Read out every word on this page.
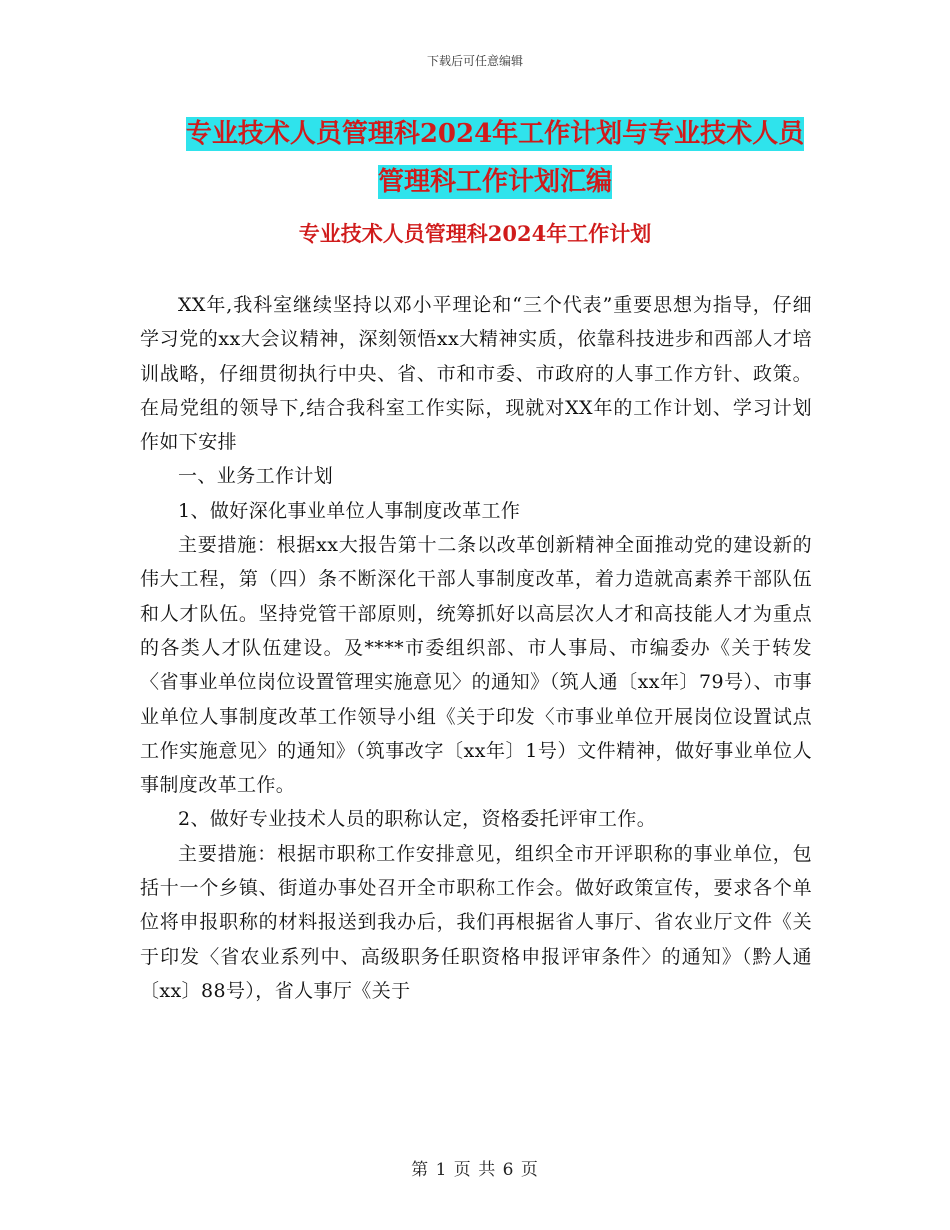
下载后可任意编辑
专业技术人员管理科2024年工作计划与专业技术人员
管理科工作计划汇编
专业技术人员管理科2024年工作计划

XX年,我科室继续坚持以邓小平理论和“三个代表”重要思想为指导，仔细学习党的xx大会议精神，深刻领悟xx大精神实质，依靠科技进步和西部人才培训战略，仔细贯彻执行中央、省、市和市委、市政府的人事工作方针、政策。在局党组的领导下,结合我科室工作实际，现就对XX年的工作计划、学习计划作如下安排

一、业务工作计划

1、做好深化事业单位人事制度改革工作

主要措施：根据xx大报告第十二条以改革创新精神全面推动党的建设新的伟大工程，第（四）条不断深化干部人事制度改革，着力造就高素养干部队伍和人才队伍。坚持党管干部原则，统筹抓好以高层次人才和高技能人才为重点的各类人才队伍建设。及****市委组织部、市人事局、市编委办《关于转发〈省事业单位岗位设置管理实施意见〉的通知》（筑人通〔xx年〕79号）、市事业单位人事制度改革工作领导小组《关于印发〈市事业单位开展岗位设置试点工作实施意见〉的通知》（筑事改字〔xx年〕1号）文件精神，做好事业单位人事制度改革工作。

2、做好专业技术人员的职称认定，资格委托评审工作。

主要措施：根据市职称工作安排意见，组织全市开评职称的事业单位，包括十一个乡镇、街道办事处召开全市职称工作会。做好政策宣传，要求各个单位将申报职称的材料报送到我办后，我们再根据省人事厅、省农业厅文件《关于印发〈省农业系列中、高级职务任职资格申报评审条件〉的通知》（黔人通〔xx〕88号），省人事厅《关于

第 1 页 共 6 页
